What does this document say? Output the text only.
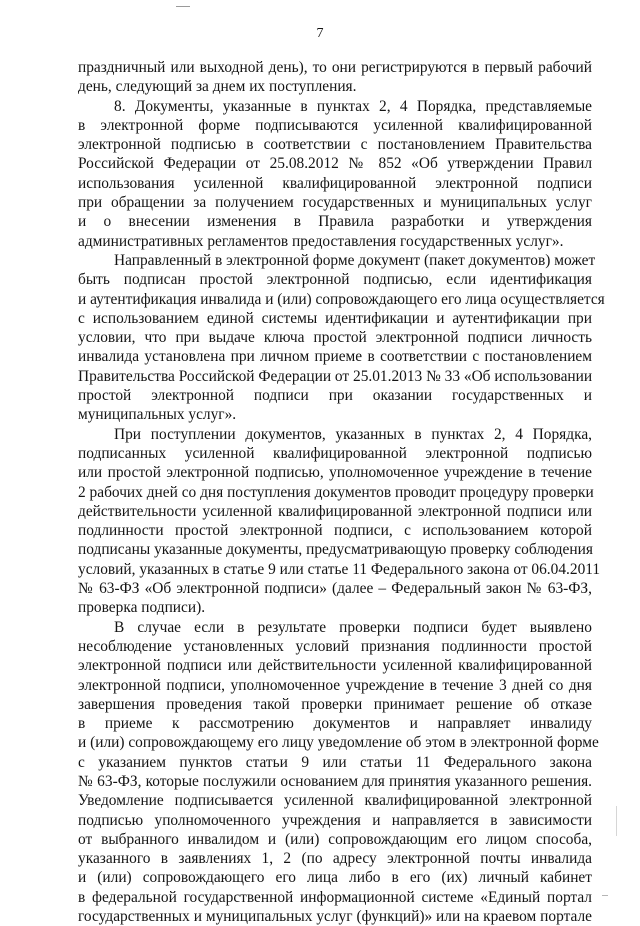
7
праздничный или выходной день), то они регистрируются в первый рабочий
день, следующий за днем их поступления.
8. Документы, указанные в пунктах 2, 4 Порядка, представляемые
в электронной форме подписываются усиленной квалифицированной
электронной подписью в соответствии с постановлением Правительства
Российской Федерации от 25.08.2012 № 852 «Об утверждении Правил
использования усиленной квалифицированной электронной подписи
при обращении за получением государственных и муниципальных услуг
и о внесении изменения в Правила разработки и утверждения
административных регламентов предоставления государственных услуг».
Направленный в электронной форме документ (пакет документов) может
быть подписан простой электронной подписью, если идентификация
и аутентификация инвалида и (или) сопровождающего его лица осуществляется
с использованием единой системы идентификации и аутентификации при
условии, что при выдаче ключа простой электронной подписи личность
инвалида установлена при личном приеме в соответствии с постановлением
Правительства Российской Федерации от 25.01.2013 № 33 «Об использовании
простой электронной подписи при оказании государственных и
муниципальных услуг».
При поступлении документов, указанных в пунктах 2, 4 Порядка,
подписанных усиленной квалифицированной электронной подписью
или простой электронной подписью, уполномоченное учреждение в течение
2 рабочих дней со дня поступления документов проводит процедуру проверки
действительности усиленной квалифицированной электронной подписи или
подлинности простой электронной подписи, с использованием которой
подписаны указанные документы, предусматривающую проверку соблюдения
условий, указанных в статье 9 или статье 11 Федерального закона от 06.04.2011
№ 63-ФЗ «Об электронной подписи» (далее – Федеральный закон № 63-ФЗ,
проверка подписи).
В случае если в результате проверки подписи будет выявлено
несоблюдение установленных условий признания подлинности простой
электронной подписи или действительности усиленной квалифицированной
электронной подписи, уполномоченное учреждение в течение 3 дней со дня
завершения проведения такой проверки принимает решение об отказе
в приеме к рассмотрению документов и направляет инвалиду
и (или) сопровождающему его лицу уведомление об этом в электронной форме
с указанием пунктов статьи 9 или статьи 11 Федерального закона
№ 63-ФЗ, которые послужили основанием для принятия указанного решения.
Уведомление подписывается усиленной квалифицированной электронной
подписью уполномоченного учреждения и направляется в зависимости
от выбранного инвалидом и (или) сопровождающим его лицом способа,
указанного в заявлениях 1, 2 (по адресу электронной почты инвалида
и (или) сопровождающего его лица либо в его (их) личный кабинет
в федеральной государственной информационной системе «Единый портал
государственных и муниципальных услуг (функций)» или на краевом портале
